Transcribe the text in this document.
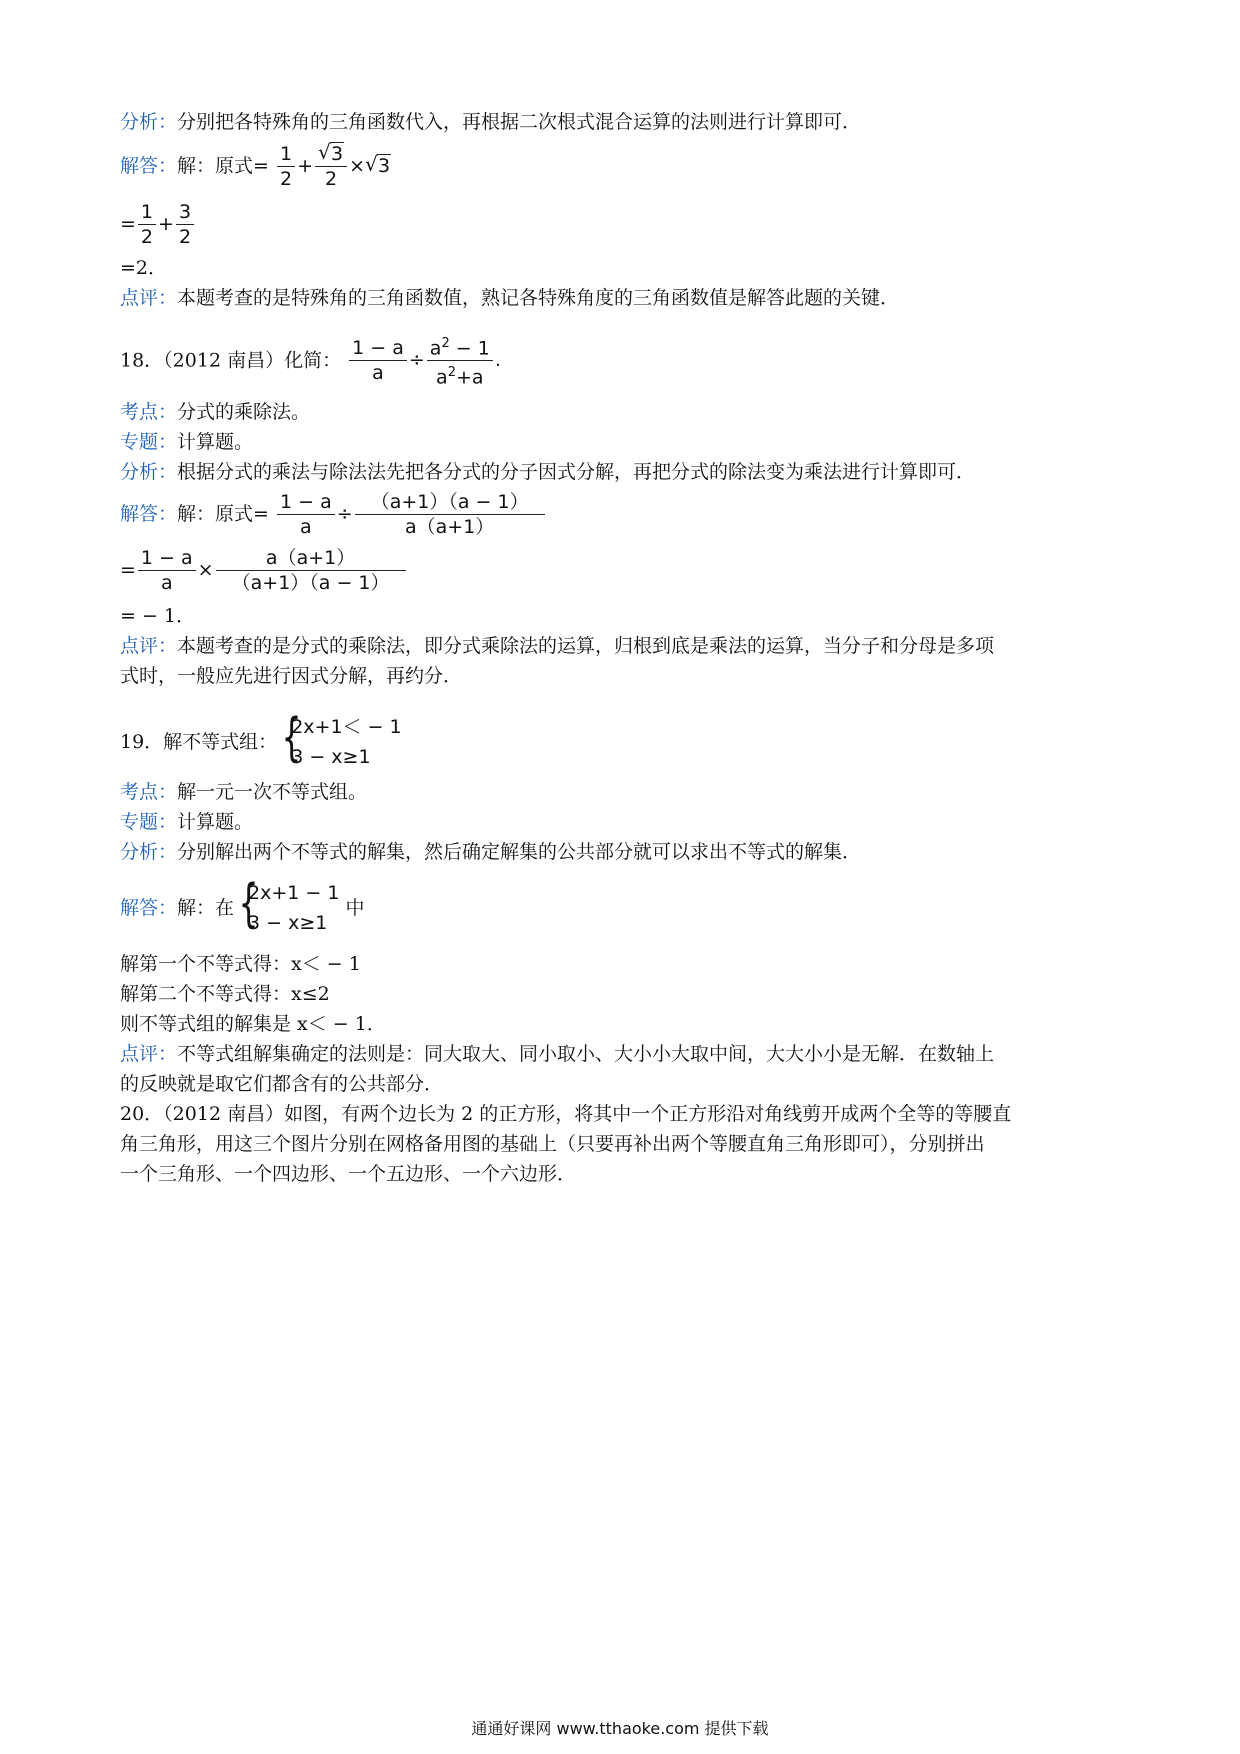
分析：分别把各特殊角的三角函数代入，再根据二次根式混合运算的法则进行计算即可．
解答：解：原式= $\frac{1}{2} + \frac{√ 3}{2}$ × √ 3
= $\frac{1}{2} + \frac{3}{2}$
=2．
点评：本题考查的是特殊角的三角函数值，熟记各特殊角度的三角函数值是解答此题的关键．
18．（2012 南昌）化简： $\frac{1 - a}{a} \div \frac{a^2 - 1}{a^2+a}$ .
考点：分式的乘除法。
专题：计算题。
分析：根据分式的乘法与除法法先把各分式的分子因式分解，再把分式的除法变为乘法进行计算即可．
解答：解：原式= $\frac{1 - a}{a} \div \frac{(a+1)(a - 1)}{a(a+1)}$
= $\frac{1 - a}{a} \times \frac{a(a+1)}{(a+1)(a - 1)}$
= − 1．
点评：本题考查的是分式的乘除法，即分式乘除法的运算，归根到底是乘法的运算，当分子和分母是多项
式时，一般应先进行因式分解，再约分．
19．解不等式组： {
2x+1＜ − 1
3 − x≥1
考点：解一元一次不等式组。
专题：计算题。
分析：分别解出两个不等式的解集，然后确定解集的公共部分就可以求出不等式的解集．
解答：解：在 {
2x+1 − 1
3 − x≥1
中
解第一个不等式得：x＜ − 1
解第二个不等式得：x≤2
则不等式组的解集是 x＜ − 1．
点评：不等式组解集确定的法则是：同大取大、同小取小、大小小大取中间，大大小小是无解．在数轴上
的反映就是取它们都含有的公共部分．
20．（2012 南昌）如图，有两个边长为 2 的正方形，将其中一个正方形沿对角线剪开成两个全等的等腰直
角三角形，用这三个图片分别在网格备用图的基础上（只要再补出两个等腰直角三角形即可），分别拼出
一个三角形、一个四边形、一个五边形、一个六边形．
通通好课网 www.tthaoke.com 提供下载
